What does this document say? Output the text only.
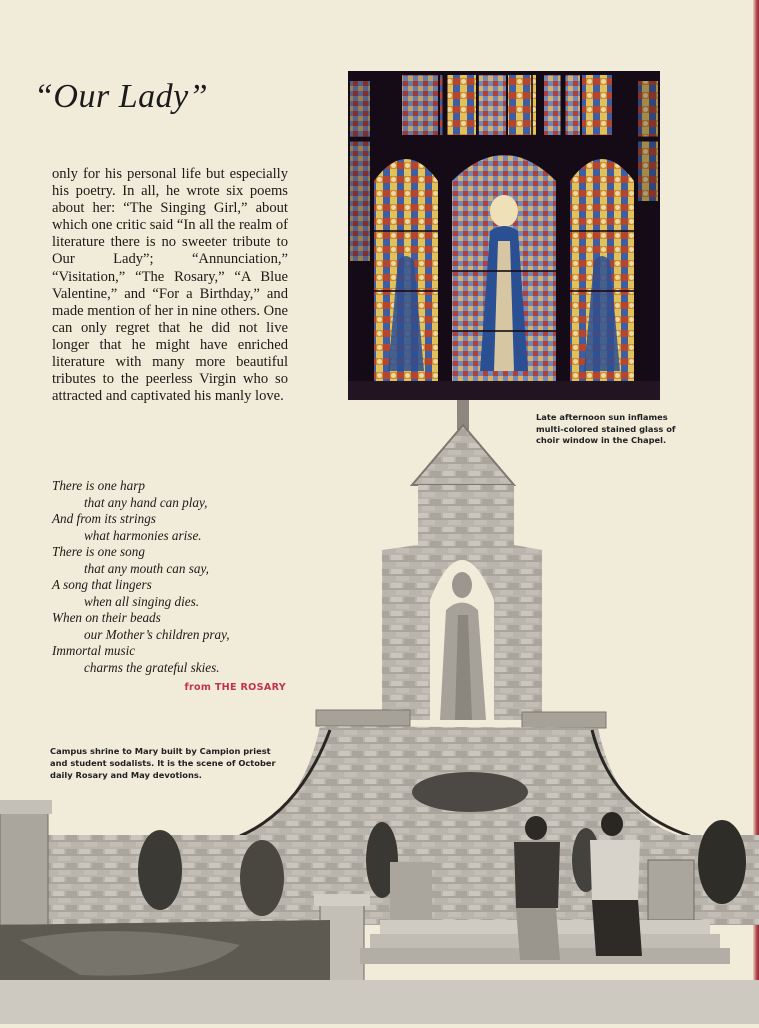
“Our Lady”

only for his personal life but especially his poetry. In all, he wrote six poems about her: “The Singing Girl,” about which one critic said “In all the realm of literature there is no sweeter tribute to Our Lady”; “Annunciation,” “Visitation,” “The Rosary,” “A Blue Valentine,” and “For a Birthday,” and made mention of her in nine others. One can only regret that he did not live longer that he might have enriched literature with many more beautiful tributes to the peerless Virgin who so attracted and captivated his manly love.

Late afternoon sun inflames multi-colored stained glass of choir window in the Chapel.

There is one harp
that any hand can play,
And from its strings
what harmonies arise.
There is one song
that any mouth can say,
A song that lingers
when all singing dies.
When on their beads
our Mother’s children pray,
Immortal music
charms the grateful skies.
from THE ROSARY

Campus shrine to Mary built by Campion priest and student sodalists. It is the scene of October daily Rosary and May devotions.
